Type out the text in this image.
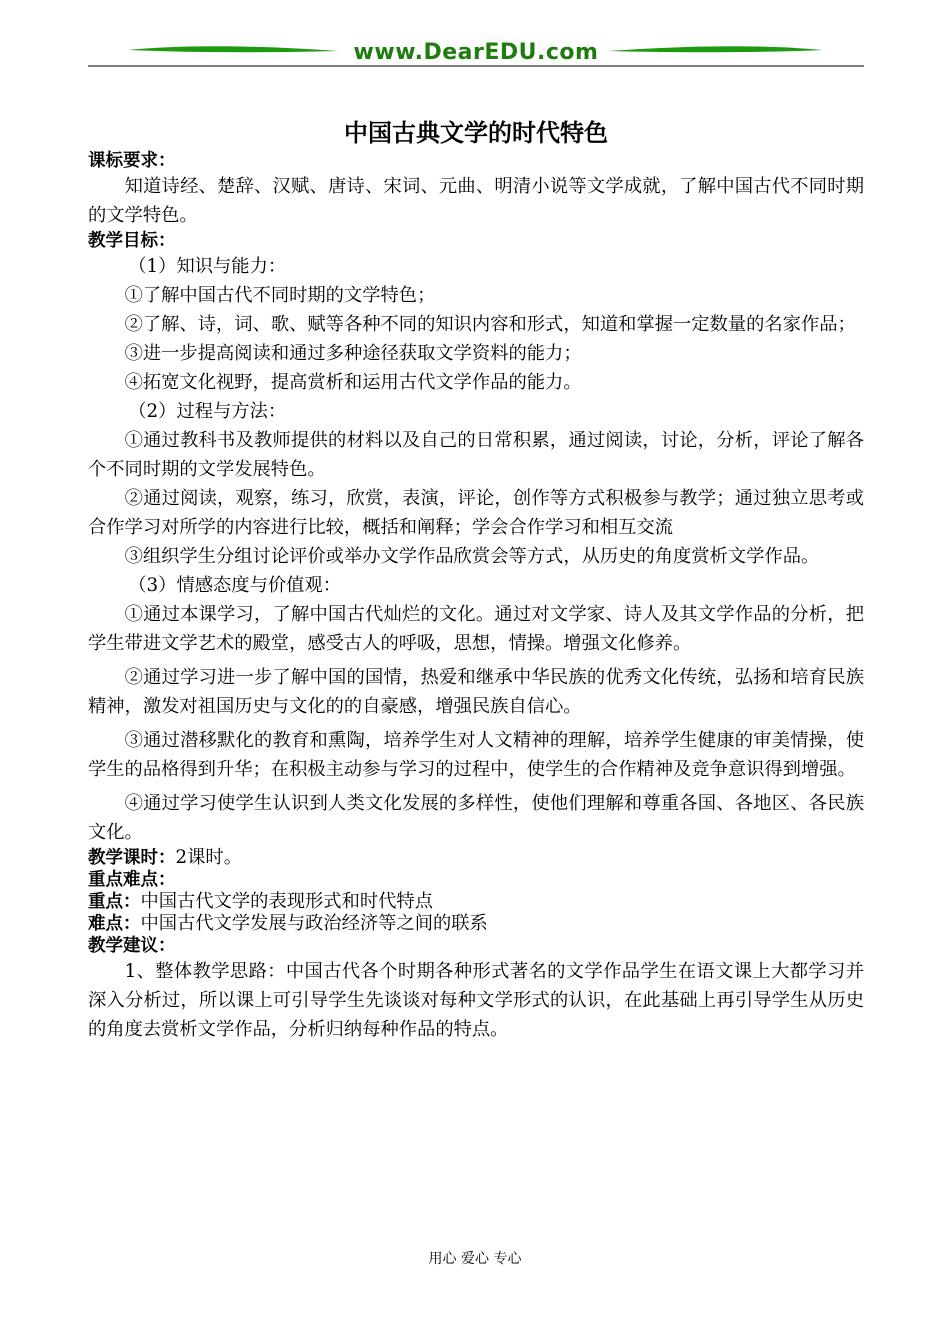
www.DearEDU.com
中国古典文学的时代特色

课标要求：

知道诗经、楚辞、汉赋、唐诗、宋词、元曲、明清小说等文学成就，了解中国古代不同时期的文学特色。

教学目标：

（1）知识与能力：

①了解中国古代不同时期的文学特色；

②了解、诗，词、歌、赋等各种不同的知识内容和形式，知道和掌握一定数量的名家作品；

③进一步提高阅读和通过多种途径获取文学资料的能力；

④拓宽文化视野，提高赏析和运用古代文学作品的能力。

（2）过程与方法：

①通过教科书及教师提供的材料以及自己的日常积累，通过阅读，讨论，分析，评论了解各个不同时期的文学发展特色。

②通过阅读，观察，练习，欣赏，表演，评论，创作等方式积极参与教学；通过独立思考或合作学习对所学的内容进行比较，概括和阐释；学会合作学习和相互交流

③组织学生分组讨论评价或举办文学作品欣赏会等方式，从历史的角度赏析文学作品。

（3）情感态度与价值观：

①通过本课学习，了解中国古代灿烂的文化。通过对文学家、诗人及其文学作品的分析，把学生带进文学艺术的殿堂，感受古人的呼吸，思想，情操。增强文化修养。

②通过学习进一步了解中国的国情，热爱和继承中华民族的优秀文化传统，弘扬和培育民族精神，激发对祖国历史与文化的的自豪感，增强民族自信心。

③通过潜移默化的教育和熏陶，培养学生对人文精神的理解，培养学生健康的审美情操，使学生的品格得到升华；在积极主动参与学习的过程中，使学生的合作精神及竞争意识得到增强。

④通过学习使学生认识到人类文化发展的多样性，使他们理解和尊重各国、各地区、各民族文化。

教学课时：2课时。

重点难点：

重点：中国古代文学的表现形式和时代特点

难点：中国古代文学发展与政治经济等之间的联系

教学建议：

1、整体教学思路：中国古代各个时期各种形式著名的文学作品学生在语文课上大都学习并深入分析过，所以课上可引导学生先谈谈对每种文学形式的认识，在此基础上再引导学生从历史的角度去赏析文学作品，分析归纳每种作品的特点。

用心 爱心 专心
